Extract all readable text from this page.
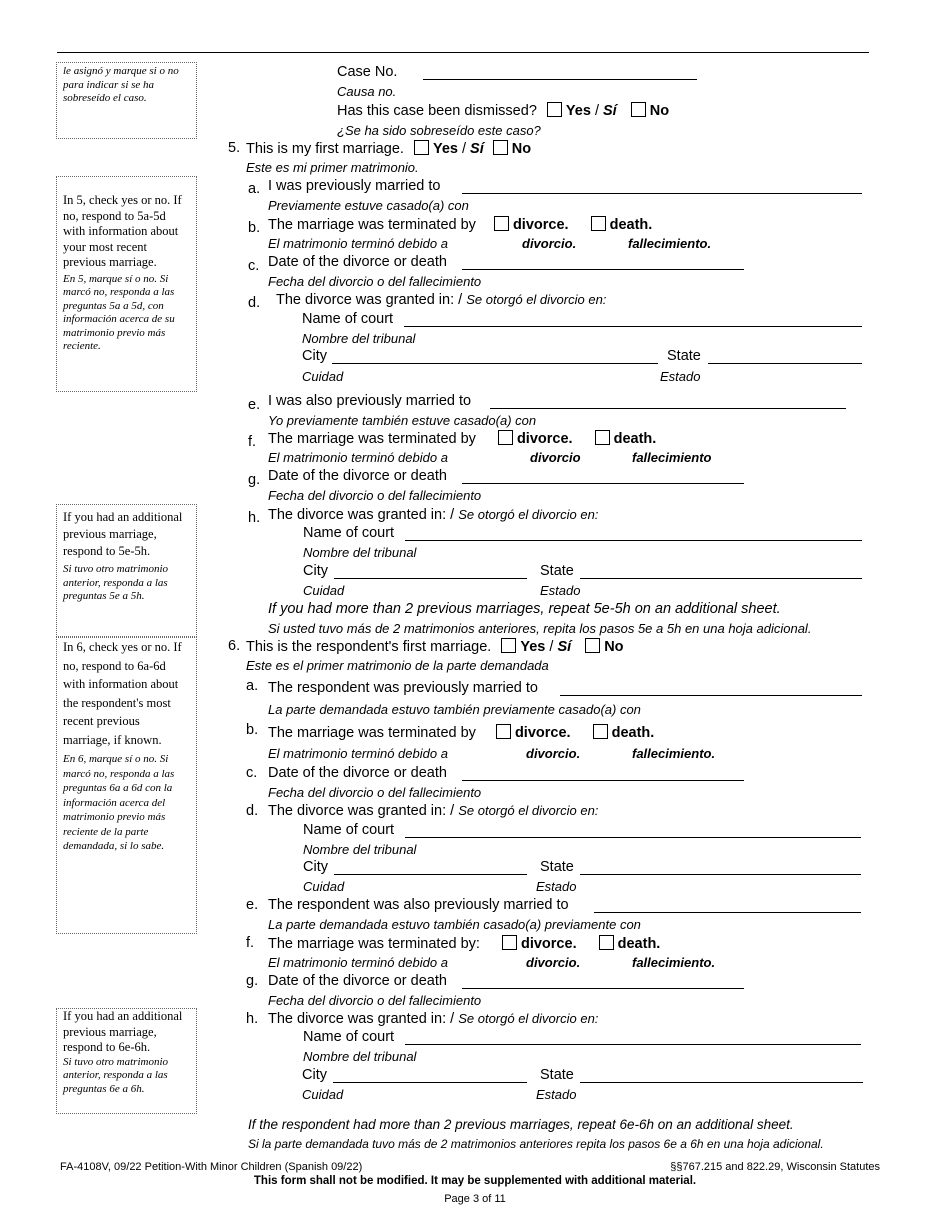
le asignó y marque si o no para indicar si se ha sobreseído el caso.
In 5, check yes or no. If no, respond to 5a-5d with information about your most recent previous marriage.
En 5, marque sí o no. Si marcó no, responda a las preguntas 5a a 5d, con información acerca de su matrimonio previo más reciente.
If you had an additional previous marriage, respond to 5e-5h.
Si tuvo otro matrimonio anterior, responda a las preguntas 5e a 5h.
In 6, check yes or no. If no, respond to 6a-6d with information about the respondent's most recent previous marriage, if known.
En 6, marque sí o no. Si marcó no, responda a las preguntas 6a a 6d con la información acerca del matrimonio previo más reciente de la parte demandada, si lo sabe.
If you had an additional previous marriage, respond to 6e-6h.
Si tuvo otro matrimonio anterior, responda a las preguntas 6e a 6h.
Case No.
Causa no.
Has this case been dismissed? Yes / Sí No
¿Se ha sido sobreseído este caso?
5. This is my first marriage. Yes / Sí No
Este es mi primer matrimonio.
a. I was previously married to
Previamente estuve casado(a) con
b. The marriage was terminated by	divorce.	death.
El matrimonio terminó debido a	divorcio.	fallecimiento.
c. Date of the divorce or death
Fecha del divorcio o del fallecimiento
d. The divorce was granted in: / Se otorgó el divorcio en:
Name of court
Nombre del tribunal
City	State
Cuidad	Estado
e. I was also previously married to
Yo previamente también estuve casado(a) con
f. The marriage was terminated by	divorce.	death.
El matrimonio terminó debido a	divorcio	fallecimiento
g. Date of the divorce or death
Fecha del divorcio o del fallecimiento
h. The divorce was granted in: / Se otorgó el divorcio en:
Name of court
Nombre del tribunal
City	State
Cuidad	Estado
If you had more than 2 previous marriages, repeat 5e-5h on an additional sheet.
Si usted tuvo más de 2 matrimonios anteriores, repita los pasos 5e a 5h en una hoja adicional.
6. This is the respondent's first marriage. Yes / Sí No
Este es el primer matrimonio de la parte demandada
a. The respondent was previously married to
La parte demandada estuvo también previamente casado(a) con
b. The marriage was terminated by	divorce.	death.
El matrimonio terminó debido a	divorcio.	fallecimiento.
c. Date of the divorce or death
Fecha del divorcio o del fallecimiento
d. The divorce was granted in: / Se otorgó el divorcio en:
Name of court
Nombre del tribunal
City	State
Cuidad	Estado
e. The respondent was also previously married to
La parte demandada estuvo también casado(a) previamente con
f. The marriage was terminated by:	divorce.	death.
El matrimonio terminó debido a	divorcio.	fallecimiento.
g. Date of the divorce or death
Fecha del divorcio o del fallecimiento
h. The divorce was granted in: / Se otorgó el divorcio en:
Name of court
Nombre del tribunal
City	State
Cuidad	Estado
If the respondent had more than 2 previous marriages, repeat 6e-6h on an additional sheet.
Si la parte demandada tuvo más de 2 matrimonios anteriores repita los pasos 6e a 6h en una hoja adicional.
FA-4108V, 09/22 Petition-With Minor Children (Spanish 09/22)	§§767.215 and 822.29, Wisconsin Statutes
This form shall not be modified. It may be supplemented with additional material.
Page 3 of 11
